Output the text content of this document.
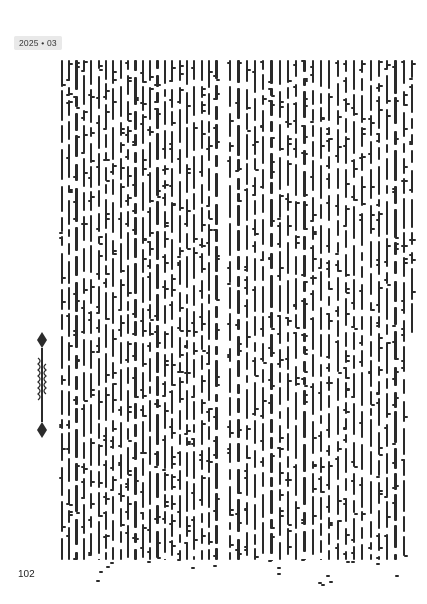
2025 • 03
102
